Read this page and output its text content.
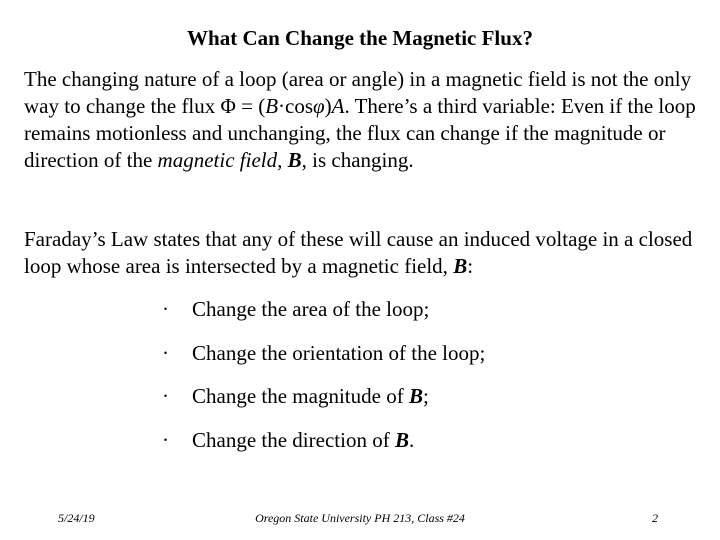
What Can Change the Magnetic Flux?
The changing nature of a loop (area or angle) in a magnetic field is not the only way to change the flux Φ = (B·cosφ)A. There’s a third variable: Even if the loop remains motionless and unchanging, the flux can change if the magnitude or direction of the magnetic field, B, is changing.
Faraday’s Law states that any of these will cause an induced voltage in a closed loop whose area is intersected by a magnetic field, B:
· Change the area of the loop;
· Change the orientation of the loop;
· Change the magnitude of B;
· Change the direction of B.
5/24/19	Oregon State University PH 213, Class #24	2
